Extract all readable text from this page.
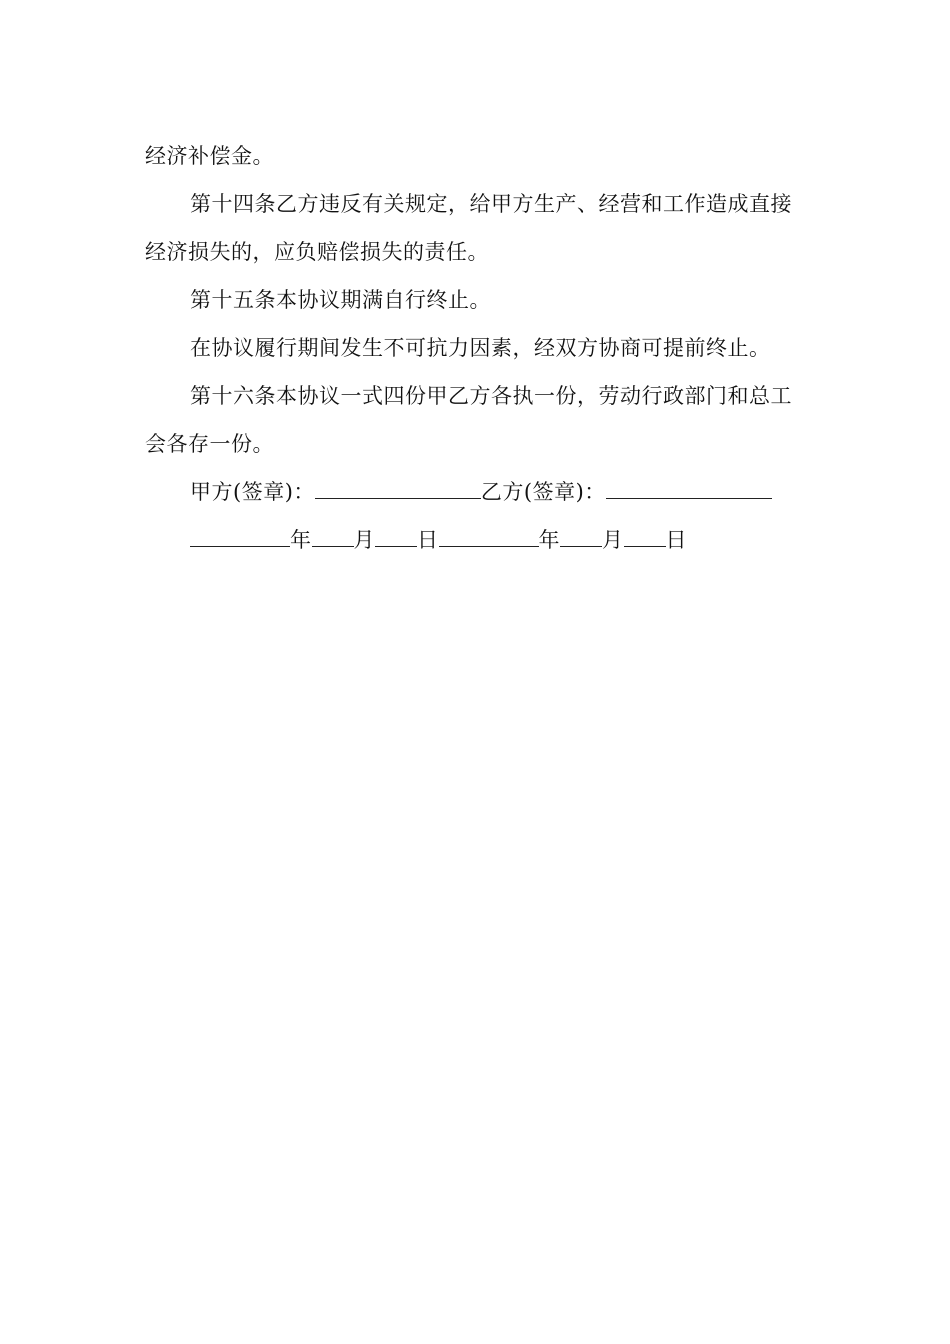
经济补偿金。

第十四条乙方违反有关规定，给甲方生产、经营和工作造成直接经济损失的，应负赔偿损失的责任。

第十五条本协议期满自行终止。

在协议履行期间发生不可抗力因素，经双方协商可提前终止。

第十六条本协议一式四份甲乙方各执一份，劳动行政部门和总工会各存一份。

甲方(签章)：	乙方(签章)：
年 月 日	年 月 日
